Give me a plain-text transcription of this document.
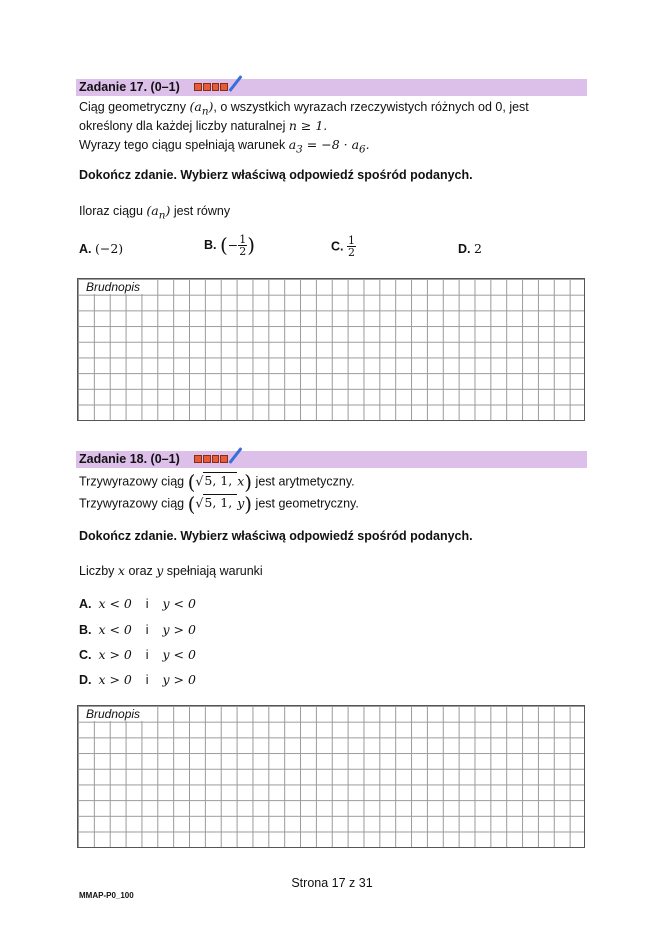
Zadanie 17. (0–1)
Ciąg geometryczny $(a_n)$, o wszystkich wyrazach rzeczywistych różnych od 0, jest
określony dla każdej liczby naturalnej n ≥ 1.
Wyrazy tego ciągu spełniają warunek $a_3 = -8 \cdot a_6$.
Dokończ zdanie. Wybierz właściwą odpowiedź spośród podanych.
Iloraz ciągu $(a_n)$ jest równy
A. (−2)	B. (− $\frac{1}{2}$ )	C. $\frac{1}{2}$	D. 2
Brudnopis
Zadanie 18. (0–1)
Trzywyrazowy ciąg (√5, 1, x) jest arytmetyczny.
Trzywyrazowy ciąg (√5, 1, y) jest geometryczny.
Dokończ zdanie. Wybierz właściwą odpowiedź spośród podanych.
Liczby x oraz y spełniają warunki
A. x < 0 i y < 0
B. x < 0 i y > 0
C. x > 0 i y < 0
D. x > 0 i y > 0
Brudnopis
Strona 17 z 31
MMAP-P0_100
